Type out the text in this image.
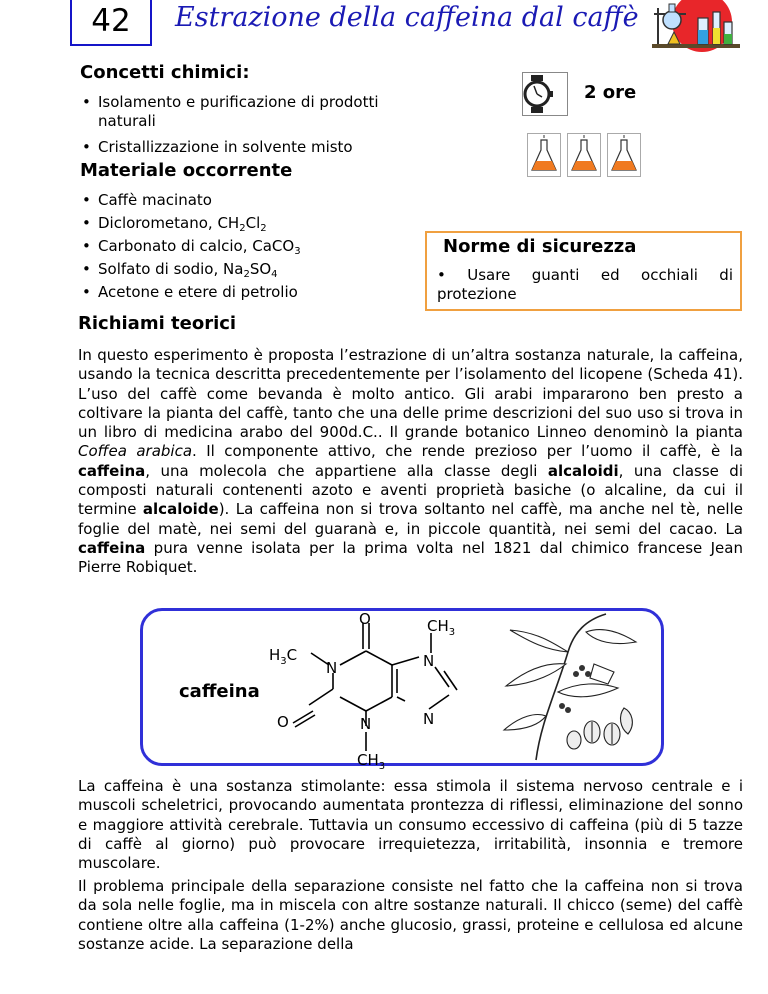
42	Estrazione della caffeina dal caffè
Concetti chimici:
• Isolamento e purificazione di prodotti naturali
• Cristallizzazione in solvente misto
2 ore
Materiale occorrente
• Caffè macinato
• Diclorometano, $CH_2Cl_2$
• Carbonato di calcio, CaCO$_3$
• Solfato di sodio, $Na_2SO_4$
• Acetone e etere di petrolio
Norme di sicurezza
• Usare guanti ed occhiali di protezione
Richiami teorici

In questo esperimento è proposta l’estrazione di un’altra sostanza naturale, la caffeina, usando la tecnica descritta precedentemente per l’isolamento del licopene (Scheda 41). L’uso del caffè come bevanda è molto antico. Gli arabi impararono ben presto a coltivare la pianta del caffè, tanto che una delle prime descrizioni del suo uso si trova in un libro di medicina arabo del 900d.C.. Il grande botanico Linneo denominò la pianta Coffea arabica. Il componente attivo, che rende prezioso per l’uomo il caffè, è la caffeina, una molecola che appartiene alla classe degli alcaloidi, una classe di composti naturali contenenti azoto e aventi proprietà basiche (o alcaline, da cui il termine alcaloide). La caffeina non si trova soltanto nel caffè, ma anche nel tè, nelle foglie del matè, nei semi del guaranà e, in piccole quantità, nei semi del cacao. La caffeina pura venne isolata per la prima volta nel 1821 dal chimico francese Jean Pierre Robiquet.

O
O
N
N
N
N
$H_3C$
$CH_3$
$CH_3$
caffeina

La caffeina è una sostanza stimolante: essa stimola il sistema nervoso centrale e i muscoli scheletrici, provocando aumentata prontezza di riflessi, eliminazione del sonno e maggiore attività cerebrale. Tuttavia un consumo eccessivo di caffeina (più di 5 tazze di caffè al giorno) può provocare irrequietezza, irritabilità, insonnia e tremore muscolare.

Il problema principale della separazione consiste nel fatto che la caffeina non si trova da sola nelle foglie, ma in miscela con altre sostanze naturali. Il chicco (seme) del caffè contiene oltre alla caffeina (1-2%) anche glucosio, grassi, proteine e cellulosa ed alcune sostanze acide. La separazione della
